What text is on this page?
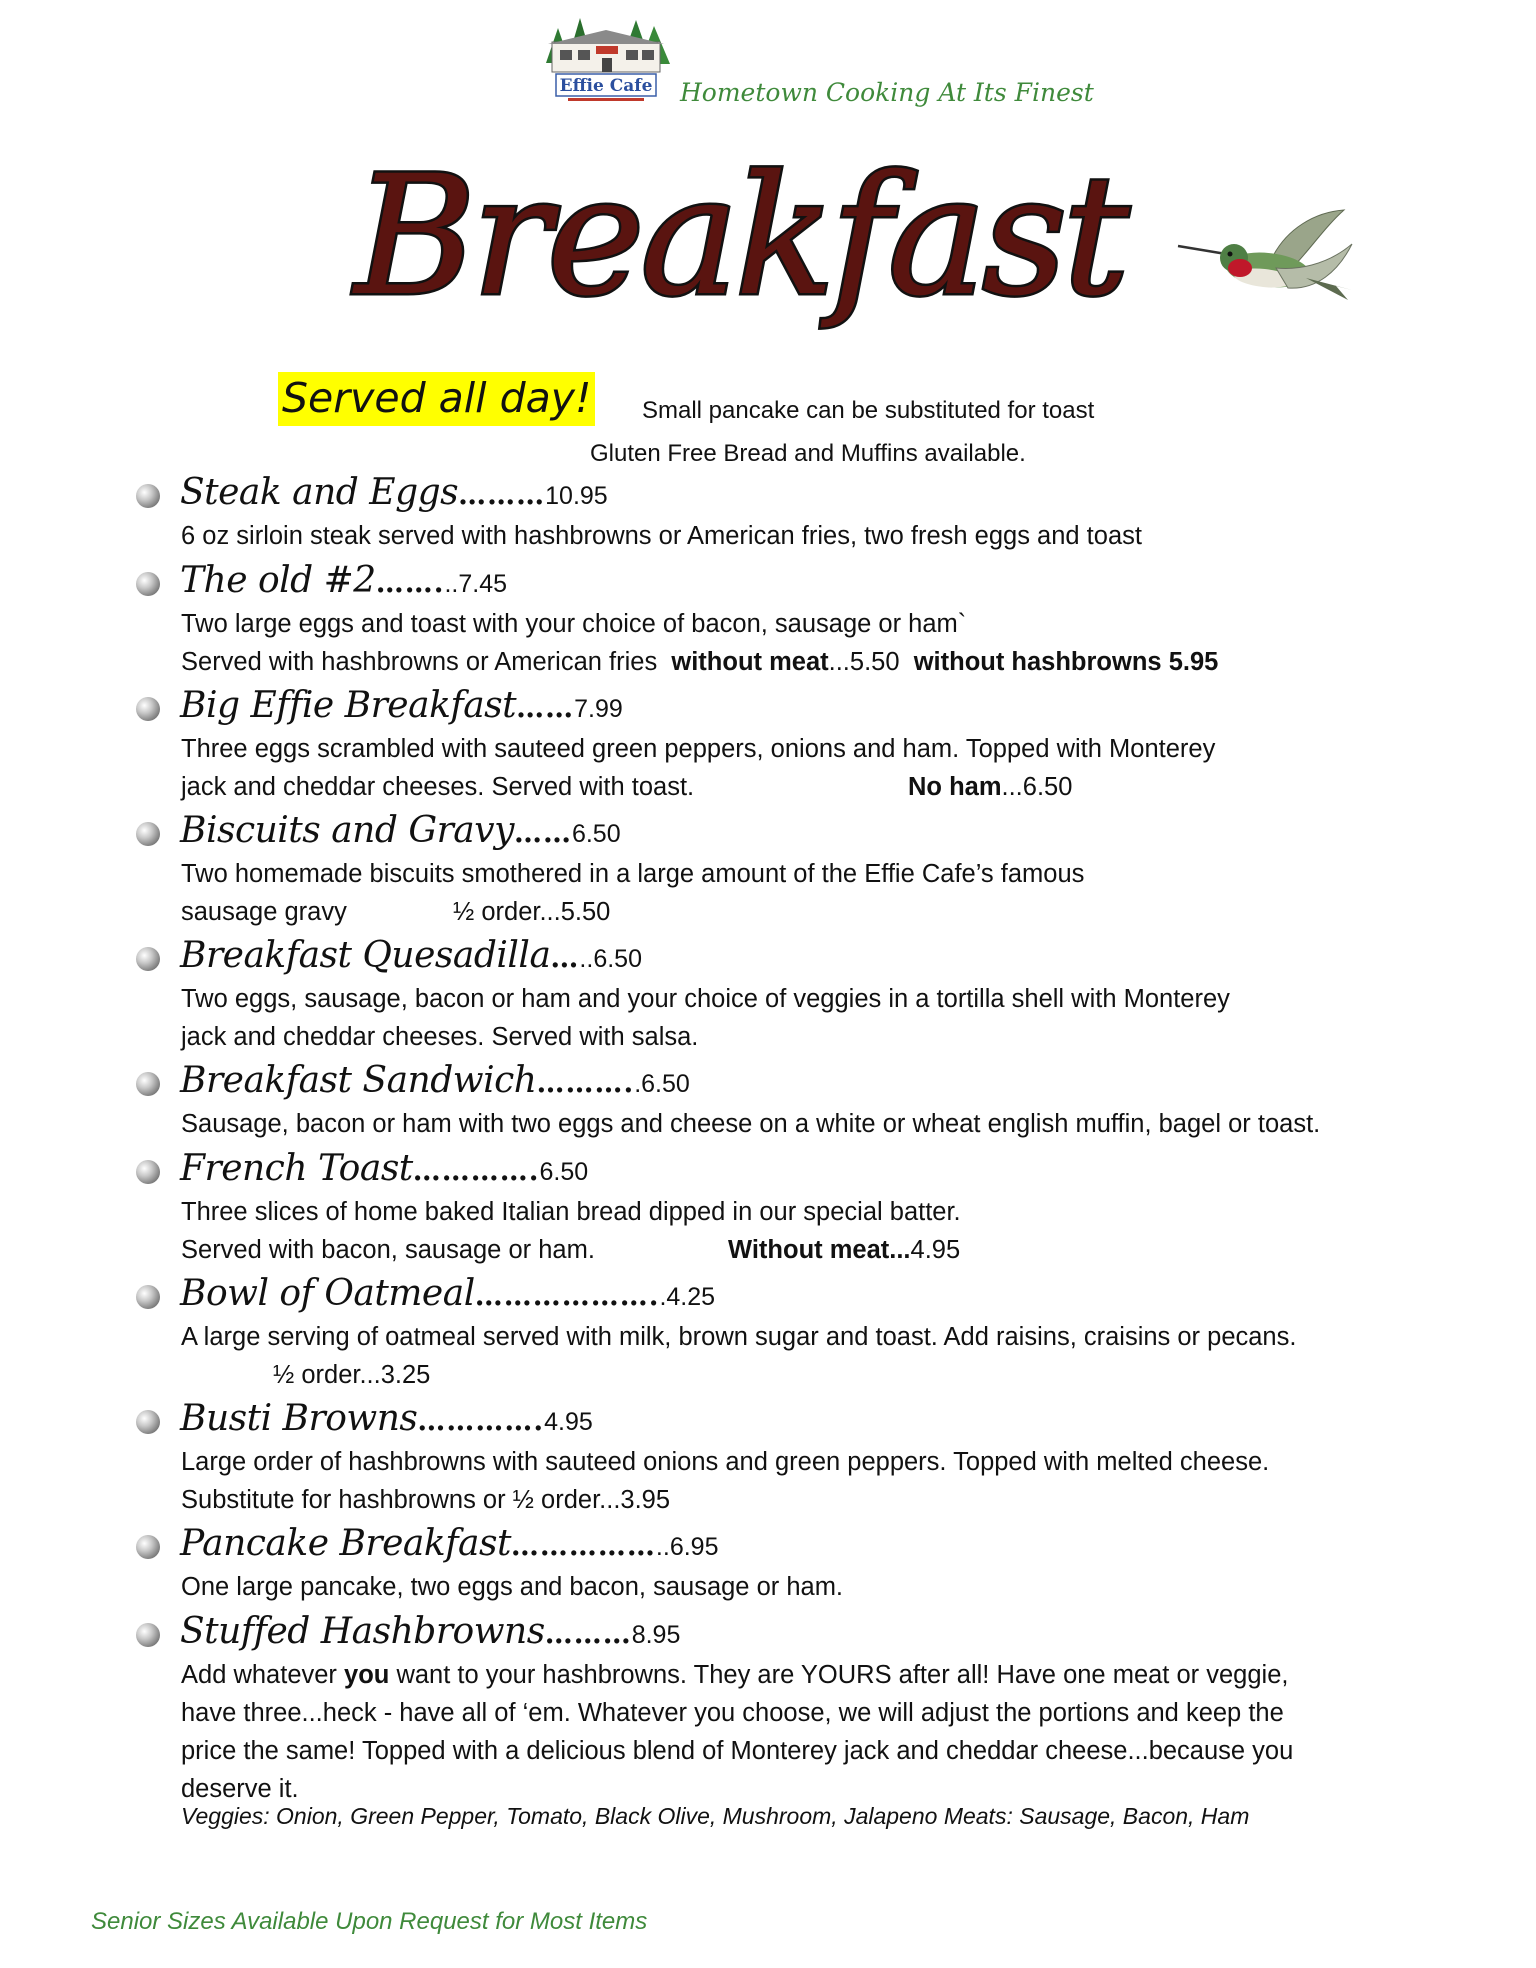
Effie Cafe Hometown Cooking At Its Finest
Breakfast
Served all day! Small pancake can be substituted for toast
Gluten Free Bread and Muffins available.
Steak and Eggs………10.95
6 oz sirloin steak served with hashbrowns or American fries, two fresh eggs and toast
The old #2……...7.45
Two large eggs and toast with your choice of bacon, sausage or ham`
Served with hashbrowns or American fries without meat...5.50 without hashbrowns 5.95
Big Effie Breakfast……7.99
Three eggs scrambled with sauteed green peppers, onions and ham. Topped with Monterey
jack and cheddar cheeses. Served with toast.	No ham...6.50
Biscuits and Gravy……6.50
Two homemade biscuits smothered in a large amount of the Effie Cafe’s famous
sausage gravy	½ order...5.50
Breakfast Quesadilla…..6.50
Two eggs, sausage, bacon or ham and your choice of veggies in a tortilla shell with Monterey
jack and cheddar cheeses. Served with salsa.
Breakfast Sandwich………..6.50
Sausage, bacon or ham with two eggs and cheese on a white or wheat english muffin, bagel or toast.
French Toast………….6.50
Three slices of home baked Italian bread dipped in our special batter.
Served with bacon, sausage or ham.	Without meat...4.95
Bowl of Oatmeal………………..4.25
A large serving of oatmeal served with milk, brown sugar and toast. Add raisins, craisins or pecans.
½ order...3.25
Busti Browns………….4.95
Large order of hashbrowns with sauteed onions and green peppers. Topped with melted cheese.
Substitute for hashbrowns or ½ order...3.95
Pancake Breakfast……………..6.95
One large pancake, two eggs and bacon, sausage or ham.
Stuffed Hashbrowns………8.95
Add whatever you want to your hashbrowns. They are YOURS after all! Have one meat or veggie,
have three...heck - have all of ‘em. Whatever you choose, we will adjust the portions and keep the
price the same! Topped with a delicious blend of Monterey jack and cheddar cheese...because you
deserve it.
Veggies: Onion, Green Pepper, Tomato, Black Olive, Mushroom, Jalapeno Meats: Sausage, Bacon, Ham
Senior Sizes Available Upon Request for Most Items
